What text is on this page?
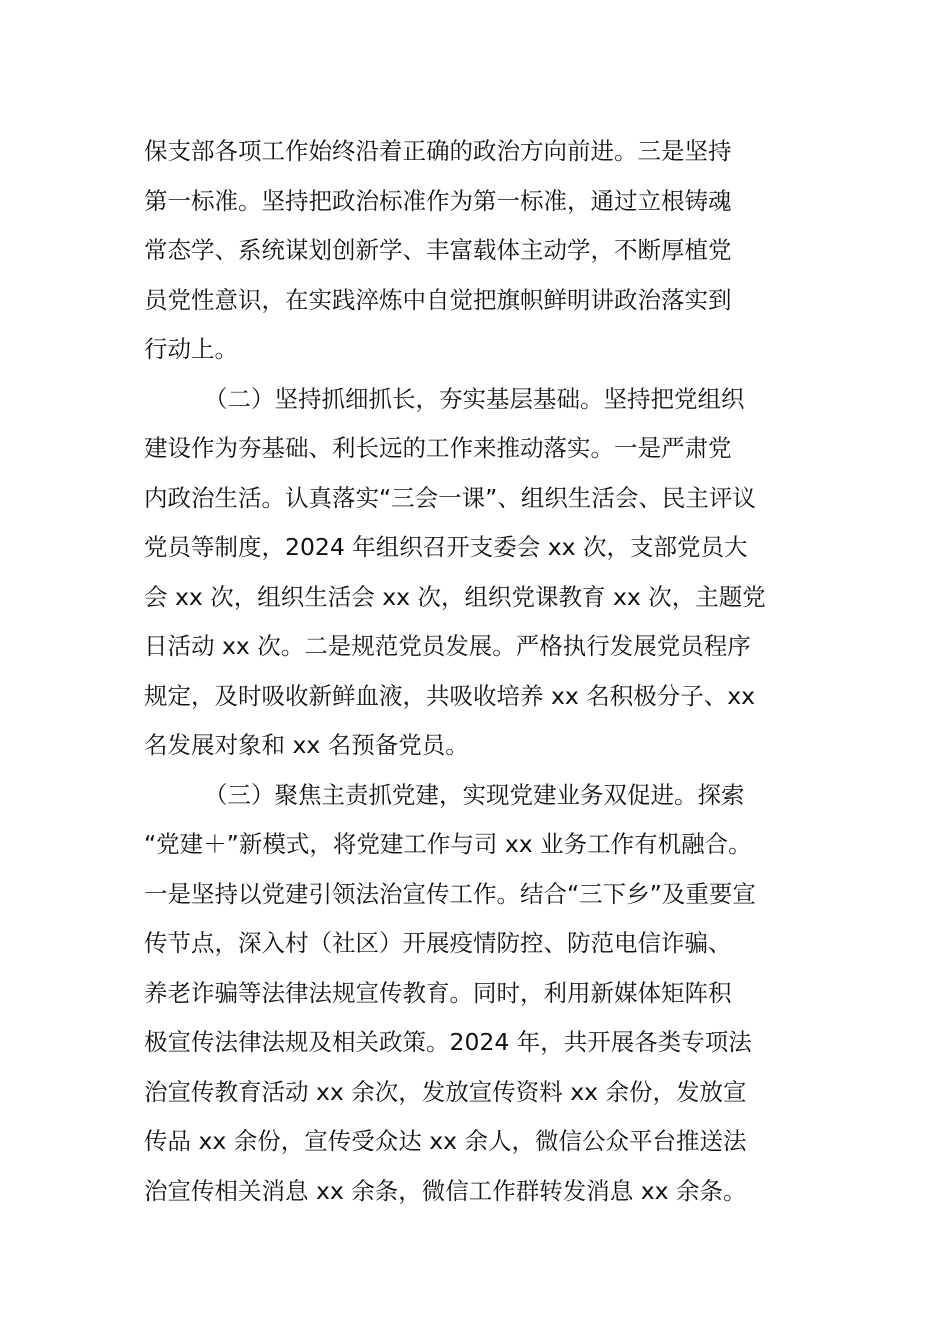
保支部各项工作始终沿着正确的政治方向前进。三是坚持
第一标准。坚持把政治标准作为第一标准，通过立根铸魂
常态学、系统谋划创新学、丰富载体主动学，不断厚植党
员党性意识，在实践淬炼中自觉把旗帜鲜明讲政治落实到
行动上。
（二）坚持抓细抓长，夯实基层基础。坚持把党组织
建设作为夯基础、利长远的工作来推动落实。一是严肃党
内政治生活。认真落实“三会一课”、组织生活会、民主评议
党员等制度，2024 年组织召开支委会 xx 次，支部党员大
会 xx 次，组织生活会 xx 次，组织党课教育 xx 次，主题党
日活动 xx 次。二是规范党员发展。严格执行发展党员程序
规定，及时吸收新鲜血液，共吸收培养 xx 名积极分子、xx
名发展对象和 xx 名预备党员。
（三）聚焦主责抓党建，实现党建业务双促进。探索
“党建＋”新模式，将党建工作与司 xx 业务工作有机融合。
一是坚持以党建引领法治宣传工作。结合“三下乡”及重要宣
传节点，深入村（社区）开展疫情防控、防范电信诈骗、
养老诈骗等法律法规宣传教育。同时，利用新媒体矩阵积
极宣传法律法规及相关政策。2024 年，共开展各类专项法
治宣传教育活动 xx 余次，发放宣传资料 xx 余份，发放宣
传品 xx 余份，宣传受众达 xx 余人，微信公众平台推送法
治宣传相关消息 xx 余条，微信工作群转发消息 xx 余条。
